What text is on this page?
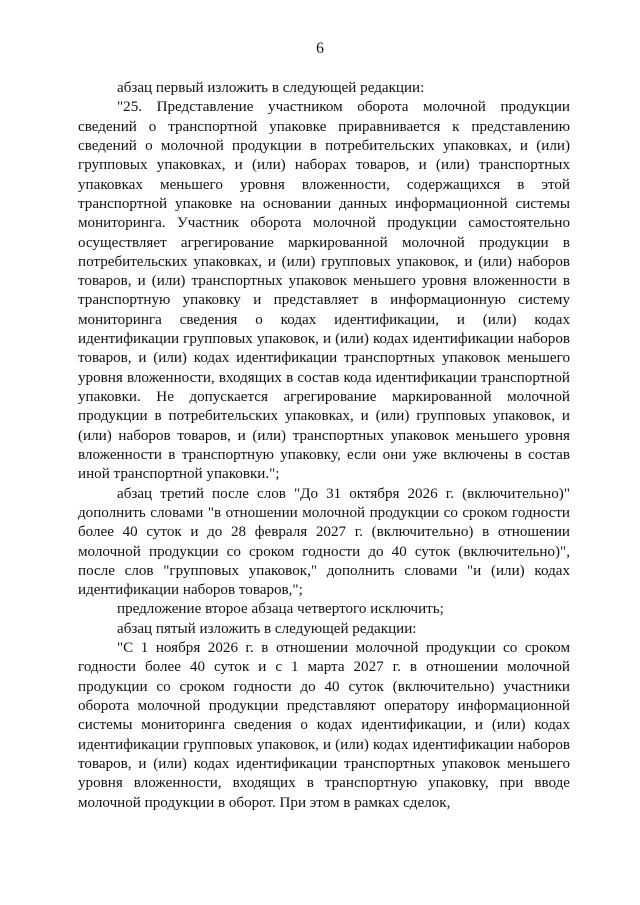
6

абзац первый изложить в следующей редакции:

"25. Представление участником оборота молочной продукции сведений о транспортной упаковке приравнивается к представлению сведений о молочной продукции в потребительских упаковках, и (или) групповых упаковках, и (или) наборах товаров, и (или) транспортных упаковках меньшего уровня вложенности, содержащихся в этой транспортной упаковке на основании данных информационной системы мониторинга. Участник оборота молочной продукции самостоятельно осуществляет агрегирование маркированной молочной продукции в потребительских упаковках, и (или) групповых упаковок, и (или) наборов товаров, и (или) транспортных упаковок меньшего уровня вложенности в транспортную упаковку и представляет в информационную систему мониторинга сведения о кодах идентификации, и (или) кодах идентификации групповых упаковок, и (или) кодах идентификации наборов товаров, и (или) кодах идентификации транспортных упаковок меньшего уровня вложенности, входящих в состав кода идентификации транспортной упаковки. Не допускается агрегирование маркированной молочной продукции в потребительских упаковках, и (или) групповых упаковок, и (или) наборов товаров, и (или) транспортных упаковок меньшего уровня вложенности в транспортную упаковку, если они уже включены в состав иной транспортной упаковки.";

абзац третий после слов "До 31 октября 2026 г. (включительно)" дополнить словами "в отношении молочной продукции со сроком годности более 40 суток и до 28 февраля 2027 г. (включительно) в отношении молочной продукции со сроком годности до 40 суток (включительно)", после слов "групповых упаковок," дополнить словами "и (или) кодах идентификации наборов товаров,";

предложение второе абзаца четвертого исключить;

абзац пятый изложить в следующей редакции:

"С 1 ноября 2026 г. в отношении молочной продукции со сроком годности более 40 суток и с 1 марта 2027 г. в отношении молочной продукции со сроком годности до 40 суток (включительно) участники оборота молочной продукции представляют оператору информационной системы мониторинга сведения о кодах идентификации, и (или) кодах идентификации групповых упаковок, и (или) кодах идентификации наборов товаров, и (или) кодах идентификации транспортных упаковок меньшего уровня вложенности, входящих в транспортную упаковку, при вводе молочной продукции в оборот. При этом в рамках сделок,
